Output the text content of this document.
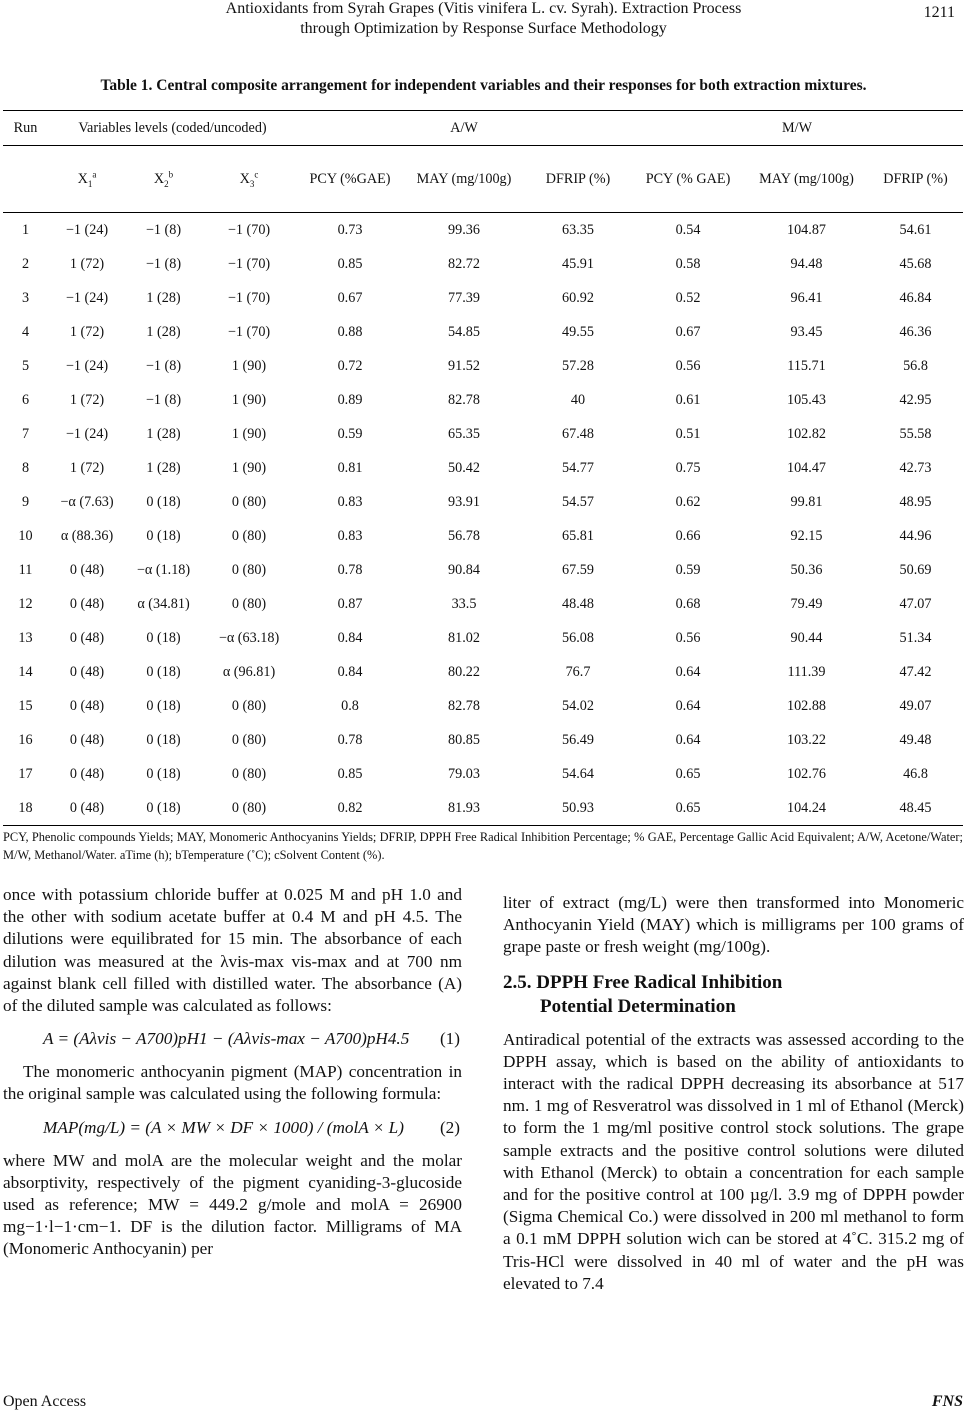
Antioxidants from Syrah Grapes (Vitis vinifera L. cv. Syrah). Extraction Process
through Optimization by Response Surface Methodology
1211
Table 1. Central composite arrangement for independent variables and their responses for both extraction mixtures.
Run	Variables levels (coded/uncoded)			A/W			M/W		
	$X_1^a$	$X_2^b$	$X_3^c$	PCY (%GAE)	MAY (mg/100g)	DFRIP (%)	PCY (% GAE)	MAY (mg/100g)	DFRIP (%)
1	−1 (24)	−1 (8)	−1 (70)	0.73	99.36	63.35	0.54	104.87	54.61
2	1 (72)	−1 (8)	−1 (70)	0.85	82.72	45.91	0.58	94.48	45.68
3	−1 (24)	1 (28)	−1 (70)	0.67	77.39	60.92	0.52	96.41	46.84
4	1 (72)	1 (28)	−1 (70)	0.88	54.85	49.55	0.67	93.45	46.36
5	−1 (24)	−1 (8)	1 (90)	0.72	91.52	57.28	0.56	115.71	56.8
6	1 (72)	−1 (8)	1 (90)	0.89	82.78	40	0.61	105.43	42.95
7	−1 (24)	1 (28)	1 (90)	0.59	65.35	67.48	0.51	102.82	55.58
8	1 (72)	1 (28)	1 (90)	0.81	50.42	54.77	0.75	104.47	42.73
9	−α (7.63)	0 (18)	0 (80)	0.83	93.91	54.57	0.62	99.81	48.95
10	α (88.36)	0 (18)	0 (80)	0.83	56.78	65.81	0.66	92.15	44.96
11	0 (48)	−α (1.18)	0 (80)	0.78	90.84	67.59	0.59	50.36	50.69
12	0 (48)	α (34.81)	0 (80)	0.87	33.5	48.48	0.68	79.49	47.07
13	0 (48)	0 (18)	−α (63.18)	0.84	81.02	56.08	0.56	90.44	51.34
14	0 (48)	0 (18)	α (96.81)	0.84	80.22	76.7	0.64	111.39	47.42
15	0 (48)	0 (18)	0 (80)	0.8	82.78	54.02	0.64	102.88	49.07
16	0 (48)	0 (18)	0 (80)	0.78	80.85	56.49	0.64	103.22	49.48
17	0 (48)	0 (18)	0 (80)	0.85	79.03	54.64	0.65	102.76	46.8
18	0 (48)	0 (18)	0 (80)	0.82	81.93	50.93	0.65	104.24	48.45
PCY, Phenolic compounds Yields; MAY, Monomeric Anthocyanins Yields; DFRIP, DPPH Free Radical Inhibition Percentage; % GAE, Percentage Gallic Acid Equivalent; A/W, Acetone/Water; M/W, Methanol/Water. aTime (h); bTemperature (˚C); cSolvent Content (%).

once with potassium chloride buffer at 0.025 M and pH 1.0 and the other with sodium acetate buffer at 0.4 M and pH 4.5. The dilutions were equilibrated for 15 min. The absorbance of each dilution was measured at the λvis-max vis-max and at 700 nm against blank cell filled with distilled water. The absorbance (A) of the diluted sample was calculated as follows:

A = (Aλvis − A700)pH1 − (Aλvis-max − A700)pH4.5 (1)

The monomeric anthocyanin pigment (MAP) concentration in the original sample was calculated using the following formula:

MAP(mg/L) = (A × MW × DF × 1000) / (molA × L) (2)

where MW and molA are the molecular weight and the molar absorptivity, respectively of the pigment cyaniding-3-glucoside used as reference; MW = 449.2 g/mole and molA = 26900 mg−1·l−1·cm−1. DF is the dilution factor. Milligrams of MA (Monomeric Anthocyanin) per

liter of extract (mg/L) were then transformed into Monomeric Anthocyanin Yield (MAY) which is milligrams per 100 grams of grape paste or fresh weight (mg/100g).

2.5. DPPH Free Radical Inhibition
Potential Determination

Antiradical potential of the extracts was assessed according to the DPPH assay, which is based on the ability of antioxidants to interact with the radical DPPH decreasing its absorbance at 517 nm. 1 mg of Resveratrol was dissolved in 1 ml of Ethanol (Merck) to form the 1 mg/ml positive control stock solutions. The grape sample extracts and the positive control solutions were diluted with Ethanol (Merck) to obtain a concentration for each sample and for the positive control at 100 µg/l. 3.9 mg of DPPH powder (Sigma Chemical Co.) were dissolved in 200 ml methanol to form a 0.1 mM DPPH solution wich can be stored at 4˚C. 315.2 mg of Tris-HCl were dissolved in 40 ml of water and the pH was elevated to 7.4

Open Access	FNS
